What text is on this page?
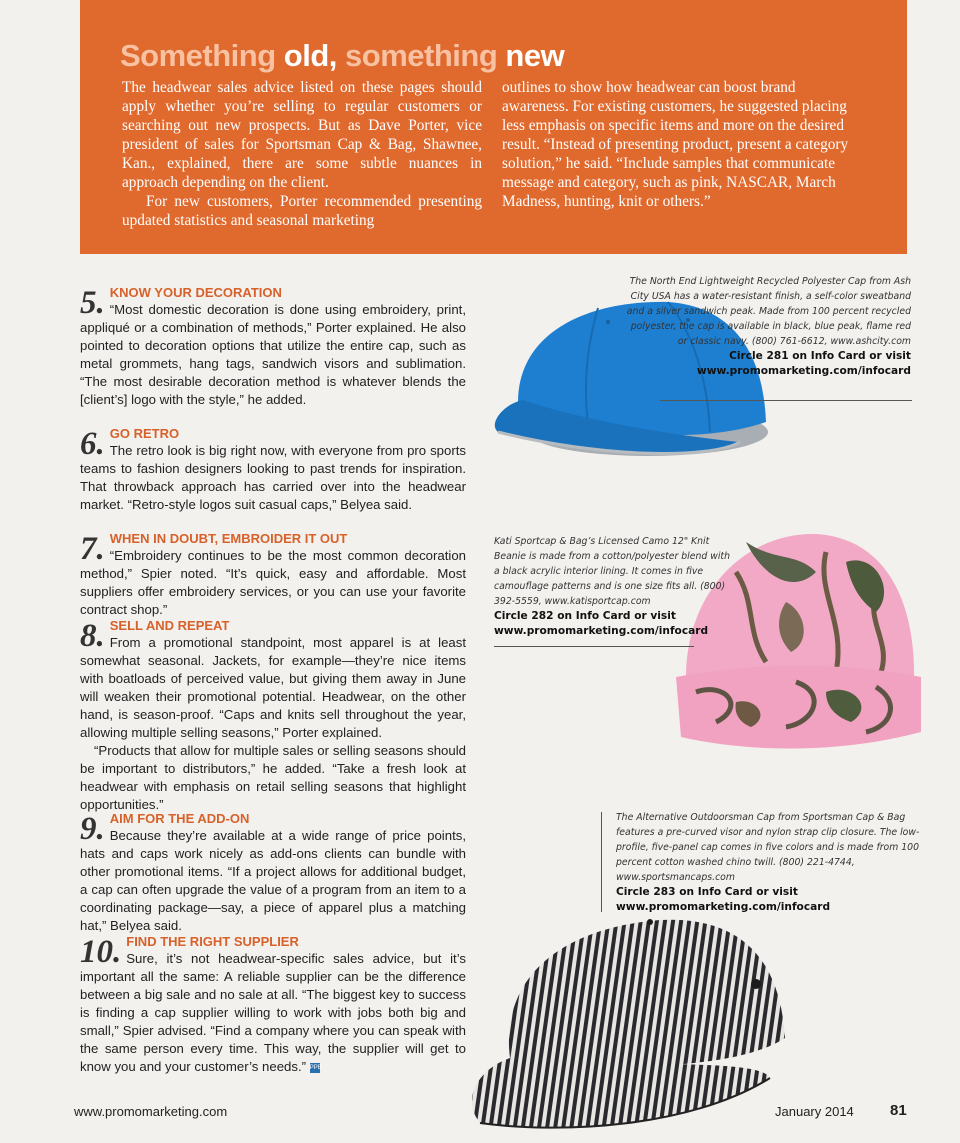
Something old, something new

The headwear sales advice listed on these pages should apply whether you’re selling to regular customers or searching out new prospects. But as Dave Porter, vice president of sales for Sportsman Cap & Bag, Shawnee, Kan., explained, there are some subtle nuances in approach depending on the client.

For new customers, Porter recommended presenting updated statistics and seasonal marketing

outlines to show how headwear can boost brand awareness. For existing customers, he suggested placing less emphasis on specific items and more on the desired result. “Instead of presenting product, present a category solution,” he said. “Include samples that communicate message and category, such as pink, NASCAR, March Madness, hunting, knit or others.”

5. KNOW YOUR DECORATION

“Most domestic decoration is done using embroidery, print, appliqué or a combination of methods,” Porter explained. He also pointed to decoration options that utilize the entire cap, such as metal grommets, hang tags, sandwich visors and sublimation. “The most desirable decoration method is whatever blends the [client’s] logo with the style,” he added.

6. GO RETRO

The retro look is big right now, with everyone from pro sports teams to fashion designers looking to past trends for inspiration. That throwback approach has carried over into the headwear market. “Retro-style logos suit casual caps,” Belyea said.

7. WHEN IN DOUBT, EMBROIDER IT OUT

“Embroidery continues to be the most common decoration method,” Spier noted. “It’s quick, easy and affordable. Most suppliers offer embroidery services, or you can use your favorite contract shop.”

8. SELL AND REPEAT

From a promotional standpoint, most apparel is at least somewhat seasonal. Jackets, for example—they’re nice items with boatloads of perceived value, but giving them away in June will weaken their promotional potential. Headwear, on the other hand, is season-proof. “Caps and knits sell throughout the year, allowing multiple selling seasons,” Porter explained.

“Products that allow for multiple sales or selling seasons should be important to distributors,” he added. “Take a fresh look at headwear with emphasis on retail selling seasons that highlight opportunities.”

9. AIM FOR THE ADD-ON

Because they’re available at a wide range of price points, hats and caps work nicely as add-ons clients can bundle with other promotional items. “If a project allows for additional budget, a cap can often upgrade the value of a program from an item to a coordinating package—say, a piece of apparel plus a matching hat,” Belyea said.

10. FIND THE RIGHT SUPPLIER

Sure, it’s not headwear-specific sales advice, but it’s important all the same: A reliable supplier can be the difference between a big sale and no sale at all. “The biggest key to success is finding a cap supplier willing to work with jobs both big and small,” Spier advised. “Find a company where you can speak with the same person every time. This way, the supplier will get to know you and your customer’s needs.” PPB

The North End Lightweight Recycled Polyester Cap from Ash City USA has a water-resistant finish, a self-color sweatband and a silver sandwich peak. Made from 100 percent recycled polyester, the cap is available in black, blue peak, flame red or classic navy. (800) 761-6612, www.ashcity.com
Circle 281 on Info Card or visit
www.promomarketing.com/infocard
Kati Sportcap & Bag’s Licensed Camo 12" Knit Beanie is made from a cotton/polyester blend with a black acrylic interior lining. It comes in five camouflage patterns and is one size fits all. (800) 392-5559, www.katisportcap.com
Circle 282 on Info Card or visit
www.promomarketing.com/infocard
The Alternative Outdoorsman Cap from Sportsman Cap & Bag features a pre-curved visor and nylon strap clip closure. The low-profile, five-panel cap comes in five colors and is made from 100 percent cotton washed chino twill. (800) 221-4744, www.sportsmancaps.com
Circle 283 on Info Card or visit
www.promomarketing.com/infocard
www.promomarketing.com	January 2014 81
